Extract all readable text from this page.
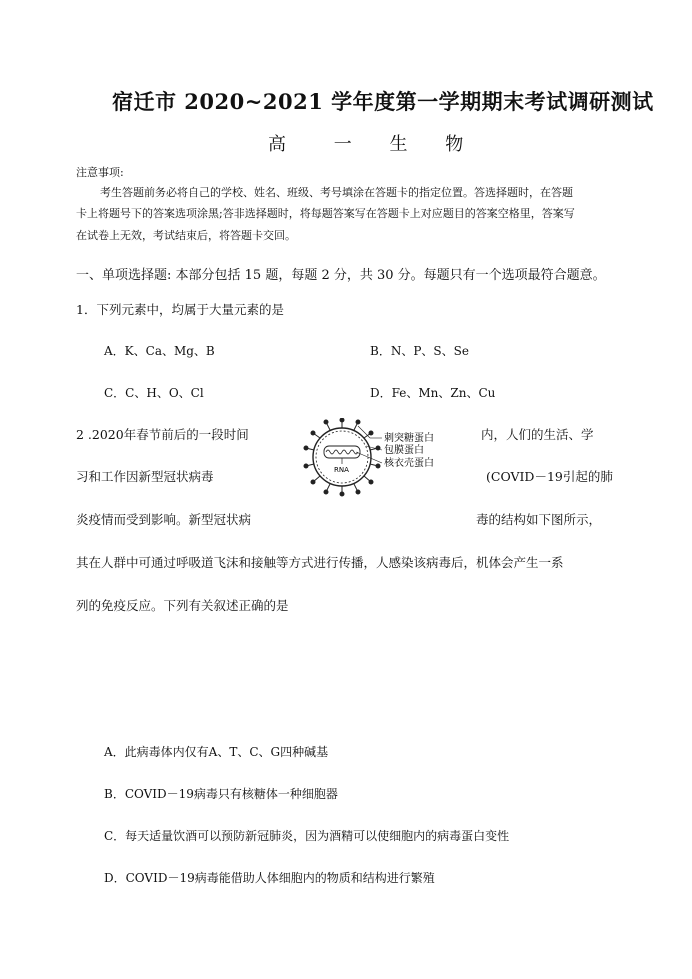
宿迁市 2020~2021 学年度第一学期期末考试调研测试
高	一 生 物
注意事项:
考生答题前务必将自己的学校、姓名、班级、考号填涂在答题卡的指定位置。答选择题时，在答题
卡上将题号下的答案选项涂黑;答非选择题时，将每题答案写在答题卡上对应题目的答案空格里，答案写
在试卷上无效，考试结束后，将答题卡交回。
一、单项选择题: 本部分包括 15 题，每题 2 分，共 30 分。每题只有一个选项最符合题意。
1．下列元素中，均属于大量元素的是
A．K、Ca、Mg、B	B．N、P、S、Se
C．C、H、O、Cl	D．Fe、Mn、Zn、Cu
2 .2020年春节前后的一段时间	内，人们的生活、学
习和工作因新型冠状病毒	(COVID－19引起的肺
炎疫情而受到影响。新型冠状病	毒的结构如下图所示，
其在人群中可通过呼吸道飞沫和接触等方式进行传播，人感染该病毒后，机体会产生一系
列的免疫反应。下列有关叙述正确的是
RNA
刺突糖蛋白
包膜蛋白
核衣壳蛋白
A．此病毒体内仅有A、T、C、G四种碱基
B．COVID－19病毒只有核糖体一种细胞器
C．每天适量饮酒可以预防新冠肺炎，因为酒精可以使细胞内的病毒蛋白变性
D．COVID－19病毒能借助人体细胞内的物质和结构进行繁殖
